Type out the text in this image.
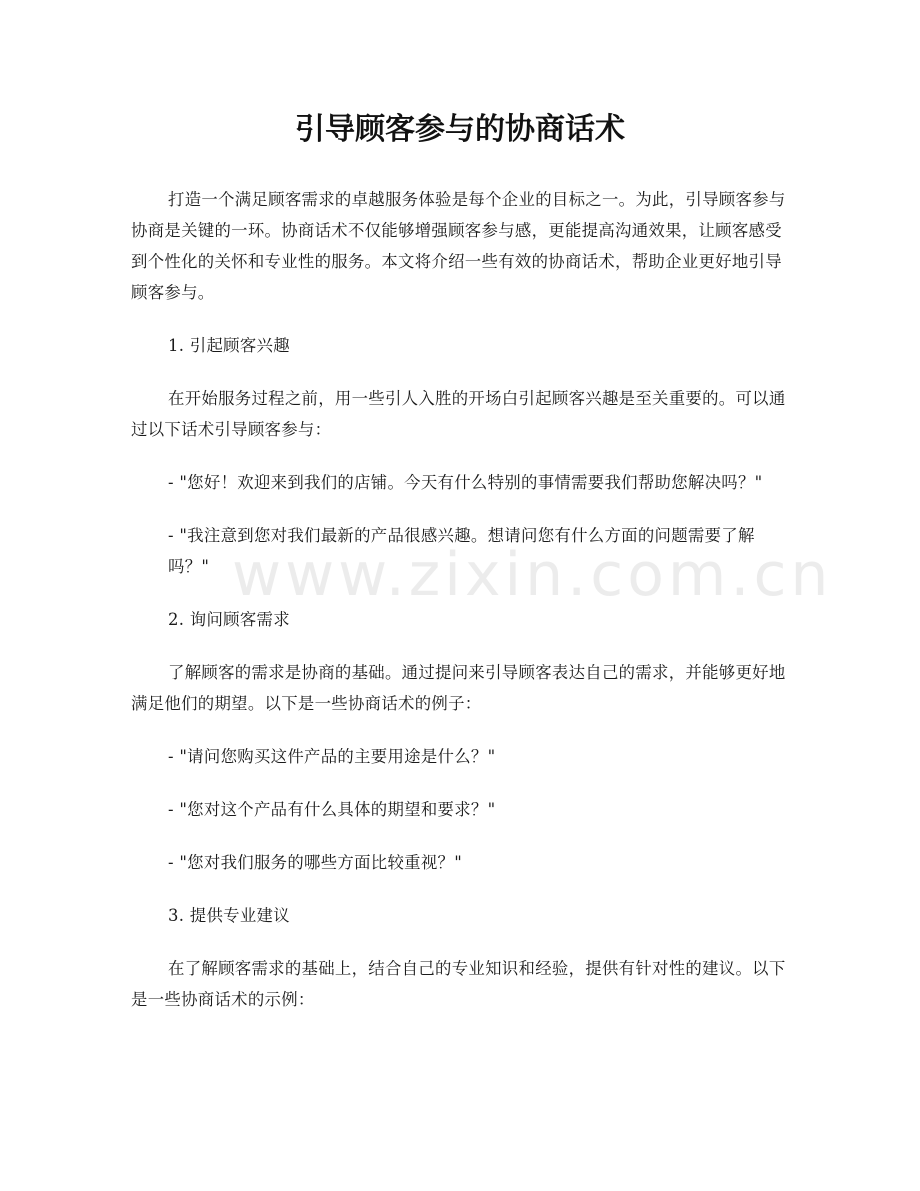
引导顾客参与的协商话术
www.zixin.com.cn

打造一个满足顾客需求的卓越服务体验是每个企业的目标之一。为此，引导顾客参与协商是关键的一环。协商话术不仅能够增强顾客参与感，更能提高沟通效果，让顾客感受到个性化的关怀和专业性的服务。本文将介绍一些有效的协商话术，帮助企业更好地引导顾客参与。

1. 引起顾客兴趣

在开始服务过程之前，用一些引人入胜的开场白引起顾客兴趣是至关重要的。可以通过以下话术引导顾客参与：

- "您好！欢迎来到我们的店铺。今天有什么特别的事情需要我们帮助您解决吗？"

- "我注意到您对我们最新的产品很感兴趣。想请问您有什么方面的问题需要了解吗？"

2. 询问顾客需求

了解顾客的需求是协商的基础。通过提问来引导顾客表达自己的需求，并能够更好地满足他们的期望。以下是一些协商话术的例子：

- "请问您购买这件产品的主要用途是什么？"

- "您对这个产品有什么具体的期望和要求？"

- "您对我们服务的哪些方面比较重视？"

3. 提供专业建议

在了解顾客需求的基础上，结合自己的专业知识和经验，提供有针对性的建议。以下是一些协商话术的示例：
